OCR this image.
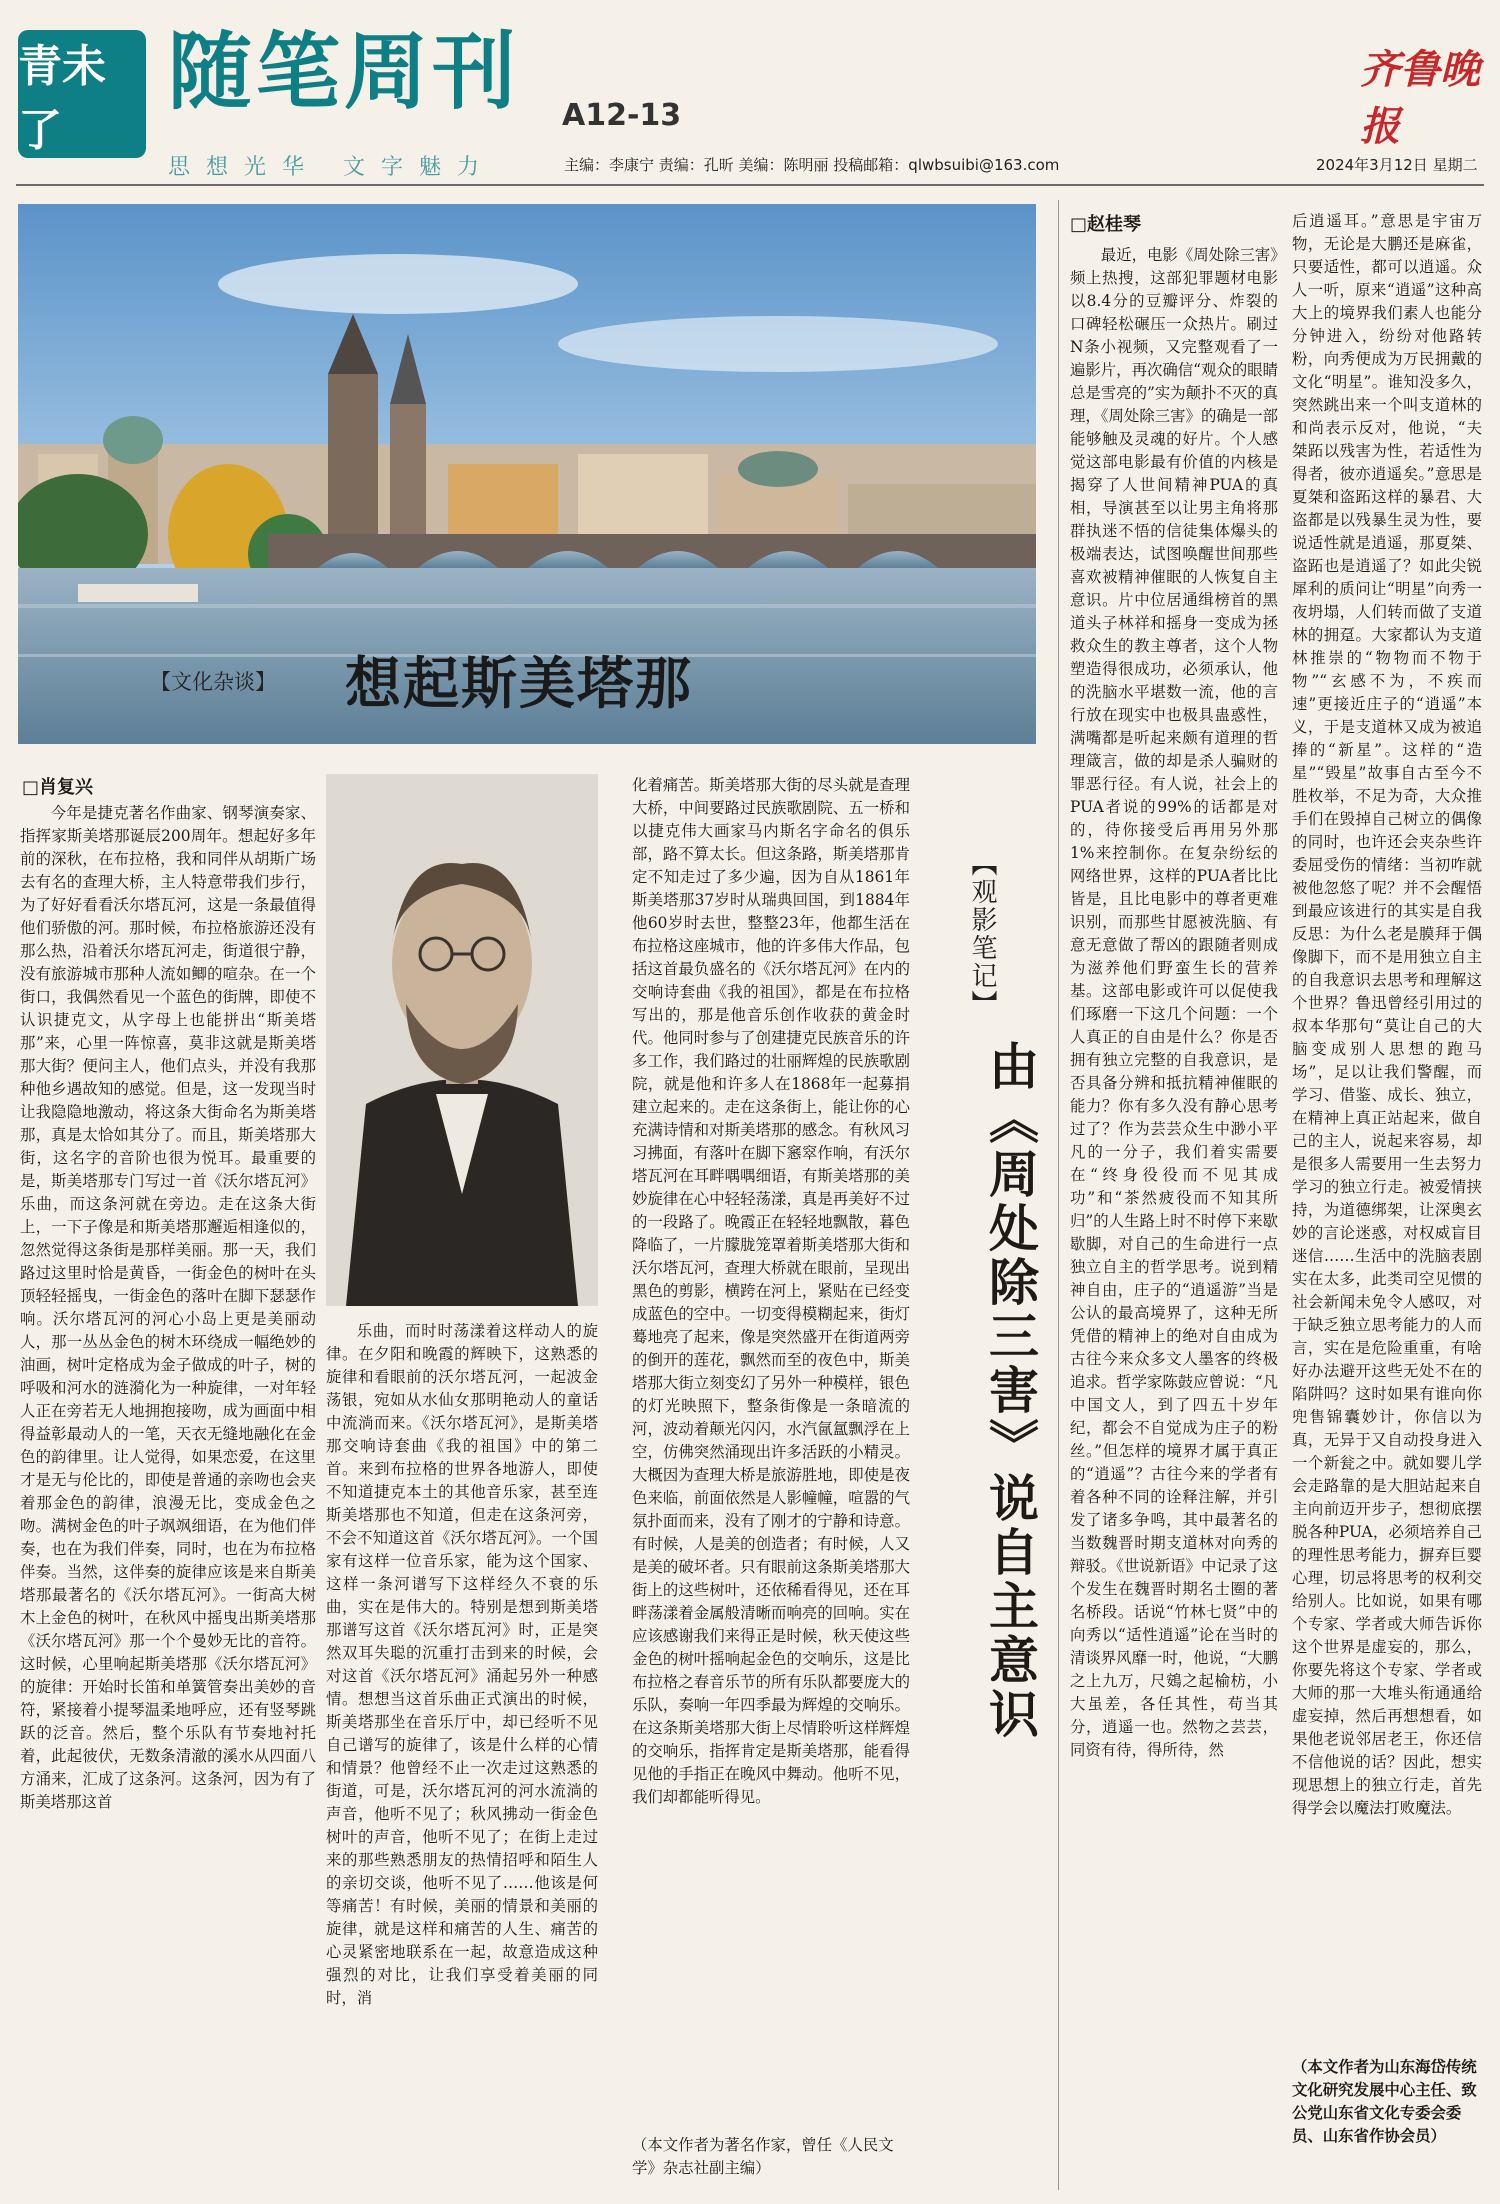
青未了
随笔周刊 A12-13
思想光华 文字魅力	主编：李康宁 责编：孔昕 美编：陈明丽 投稿邮箱：qlwbsuibi@163.com
齐鲁晚报
2024年3月12日 星期二
【文化杂谈】 想起斯美塔那
□肖复兴

今年是捷克著名作曲家、钢琴演奏家、指挥家斯美塔那诞辰200周年。想起好多年前的深秋，在布拉格，我和同伴从胡斯广场去有名的查理大桥，主人特意带我们步行，为了好好看看沃尔塔瓦河，这是一条最值得他们骄傲的河。那时候，布拉格旅游还没有那么热，沿着沃尔塔瓦河走，街道很宁静，没有旅游城市那种人流如鲫的喧杂。在一个街口，我偶然看见一个蓝色的街牌，即使不认识捷克文，从字母上也能拼出“斯美塔那”来，心里一阵惊喜，莫非这就是斯美塔那大街？便问主人，他们点头，并没有我那种他乡遇故知的感觉。但是，这一发现当时让我隐隐地激动，将这条大街命名为斯美塔那，真是太恰如其分了。而且，斯美塔那大街，这名字的音阶也很为悦耳。最重要的是，斯美塔那专门写过一首《沃尔塔瓦河》乐曲，而这条河就在旁边。走在这条大街上，一下子像是和斯美塔那邂逅相逢似的，忽然觉得这条街是那样美丽。那一天，我们路过这里时恰是黄昏，一街金色的树叶在头顶轻轻摇曳，一街金色的落叶在脚下瑟瑟作响。沃尔塔瓦河的河心小岛上更是美丽动人，那一丛丛金色的树木环绕成一幅绝妙的油画，树叶定格成为金子做成的叶子，树的呼吸和河水的涟漪化为一种旋律，一对年轻人正在旁若无人地拥抱接吻，成为画面中相得益彰最动人的一笔，天衣无缝地融化在金色的韵律里。让人觉得，如果恋爱，在这里才是无与伦比的，即使是普通的亲吻也会夹着那金色的韵律，浪漫无比，变成金色之吻。满树金色的叶子飒飒细语，在为他们伴奏，也在为我们伴奏，同时，也在为布拉格伴奏。当然，这伴奏的旋律应该是来自斯美塔那最著名的《沃尔塔瓦河》。一街高大树木上金色的树叶，在秋风中摇曳出斯美塔那《沃尔塔瓦河》那一个个曼妙无比的音符。这时候，心里响起斯美塔那《沃尔塔瓦河》的旋律：开始时长笛和单簧管奏出美妙的音符，紧接着小提琴温柔地呼应，还有竖琴跳跃的泛音。然后，整个乐队有节奏地衬托着，此起彼伏，无数条清澈的溪水从四面八方涌来，汇成了这条河。这条河，因为有了斯美塔那这首

乐曲，而时时荡漾着这样动人的旋律。在夕阳和晚霞的辉映下，这熟悉的旋律和看眼前的沃尔塔瓦河，一起波金荡银，宛如从水仙女那明艳动人的童话中流淌而来。《沃尔塔瓦河》，是斯美塔那交响诗套曲《我的祖国》中的第二首。来到布拉格的世界各地游人，即使不知道捷克本土的其他音乐家，甚至连斯美塔那也不知道，但走在这条河旁，不会不知道这首《沃尔塔瓦河》。一个国家有这样一位音乐家，能为这个国家、这样一条河谱写下这样经久不衰的乐曲，实在是伟大的。特别是想到斯美塔那谱写这首《沃尔塔瓦河》时，正是突然双耳失聪的沉重打击到来的时候，会对这首《沃尔塔瓦河》涌起另外一种感情。想想当这首乐曲正式演出的时候，斯美塔那坐在音乐厅中，却已经听不见自己谱写的旋律了，该是什么样的心情和情景？他曾经不止一次走过这熟悉的街道，可是，沃尔塔瓦河的河水流淌的声音，他听不见了；秋风拂动一街金色树叶的声音，他听不见了；在街上走过来的那些熟悉朋友的热情招呼和陌生人的亲切交谈，他听不见了……他该是何等痛苦！有时候，美丽的情景和美丽的旋律，就是这样和痛苦的人生、痛苦的心灵紧密地联系在一起，故意造成这种强烈的对比，让我们享受着美丽的同时，消

化着痛苦。斯美塔那大街的尽头就是查理大桥，中间要路过民族歌剧院、五一桥和以捷克伟大画家马内斯名字命名的俱乐部，路不算太长。但这条路，斯美塔那肯定不知走过了多少遍，因为自从1861年斯美塔那37岁时从瑞典回国，到1884年他60岁时去世，整整23年，他都生活在布拉格这座城市，他的许多伟大作品，包括这首最负盛名的《沃尔塔瓦河》在内的交响诗套曲《我的祖国》，都是在布拉格写出的，那是他音乐创作收获的黄金时代。他同时参与了创建捷克民族音乐的许多工作，我们路过的壮丽辉煌的民族歌剧院，就是他和许多人在1868年一起募捐建立起来的。走在这条街上，能让你的心充满诗情和对斯美塔那的感念。有秋风习习拂面，有落叶在脚下窸窣作响，有沃尔塔瓦河在耳畔喁喁细语，有斯美塔那的美妙旋律在心中轻轻荡漾，真是再美好不过的一段路了。晚霞正在轻轻地飘散，暮色降临了，一片朦胧笼罩着斯美塔那大街和沃尔塔瓦河，查理大桥就在眼前，呈现出黑色的剪影，横跨在河上，紧贴在已经变成蓝色的空中。一切变得模糊起来，街灯蓦地亮了起来，像是突然盛开在街道两旁的倒开的莲花，飘然而至的夜色中，斯美塔那大街立刻变幻了另外一种模样，银色的灯光映照下，整条街像是一条暗流的河，波动着颠光闪闪，水汽氤氲飘浮在上空，仿佛突然涌现出许多活跃的小精灵。大概因为查理大桥是旅游胜地，即使是夜色来临，前面依然是人影幢幢，喧嚣的气氛扑面而来，没有了刚才的宁静和诗意。有时候，人是美的创造者；有时候，人又是美的破坏者。只有眼前这条斯美塔那大街上的这些树叶，还依稀看得见，还在耳畔荡漾着金属般清晰而响亮的回响。实在应该感谢我们来得正是时候，秋天使这些金色的树叶摇响起金色的交响乐，这是比布拉格之春音乐节的所有乐队都要庞大的乐队，奏响一年四季最为辉煌的交响乐。在这条斯美塔那大街上尽情聆听这样辉煌的交响乐，指挥肯定是斯美塔那，能看得见他的手指正在晚风中舞动。他听不见，我们却都能听得见。

（本文作者为著名作家，曾任《人民文学》杂志社副主编）
【观影笔记】
由《周处除三害》说自主意识
□赵桂琴

最近，电影《周处除三害》频上热搜，这部犯罪题材电影以8.4分的豆瓣评分、炸裂的口碑轻松碾压一众热片。刷过N条小视频，又完整观看了一遍影片，再次确信“观众的眼睛总是雪亮的”实为颠扑不灭的真理，《周处除三害》的确是一部能够触及灵魂的好片。个人感觉这部电影最有价值的内核是揭穿了人世间精神PUA的真相，导演甚至以让男主角将那群执迷不悟的信徒集体爆头的极端表达，试图唤醒世间那些喜欢被精神催眠的人恢复自主意识。片中位居通缉榜首的黑道头子林祥和摇身一变成为拯救众生的教主尊者，这个人物塑造得很成功，必须承认，他的洗脑水平堪数一流，他的言行放在现实中也极具蛊惑性，满嘴都是听起来颇有道理的哲理箴言，做的却是杀人骗财的罪恶行径。有人说，社会上的PUA者说的99%的话都是对的，待你接受后再用另外那1%来控制你。在复杂纷纭的网络世界，这样的PUA者比比皆是，且比电影中的尊者更难识别，而那些甘愿被洗脑、有意无意做了帮凶的跟随者则成为滋养他们野蛮生长的营养基。这部电影或许可以促使我们琢磨一下这几个问题：一个人真正的自由是什么？你是否拥有独立完整的自我意识，是否具备分辨和抵抗精神催眠的能力？你有多久没有静心思考过了？作为芸芸众生中渺小平凡的一分子，我们着实需要在“终身役役而不见其成功”和“茶然疲役而不知其所归”的人生路上时不时停下来歇歇脚，对自己的生命进行一点独立自主的哲学思考。说到精神自由，庄子的“逍遥游”当是公认的最高境界了，这种无所凭借的精神上的绝对自由成为古往今来众多文人墨客的终极追求。哲学家陈鼓应曾说：“凡中国文人，到了四五十岁年纪，都会不自觉成为庄子的粉丝。”但怎样的境界才属于真正的“逍遥”？古往今来的学者有着各种不同的诠释注解，并引发了诸多争鸣，其中最著名的当数魏晋时期支道林对向秀的辩驳。《世说新语》中记录了这个发生在魏晋时期名士圈的著名桥段。话说“竹林七贤”中的向秀以“适性逍遥”论在当时的清谈界风靡一时，他说，“大鹏之上九万，尺鴳之起榆枋，小大虽差，各任其性，苟当其分，逍遥一也。然物之芸芸，同资有待，得所待，然

后逍遥耳。”意思是宇宙万物，无论是大鹏还是麻雀，只要适性，都可以逍遥。众人一听，原来“逍遥”这种高大上的境界我们素人也能分分钟进入，纷纷对他路转粉，向秀便成为万民拥戴的文化“明星”。谁知没多久，突然跳出来一个叫支道林的和尚表示反对，他说，“夫桀跖以残害为性，若适性为得者，彼亦逍遥矣。”意思是夏桀和盗跖这样的暴君、大盗都是以残暴生灵为性，要说适性就是逍遥，那夏桀、盗跖也是逍遥了？如此尖锐犀利的质问让“明星”向秀一夜坍塌，人们转而做了支道林的拥趸。大家都认为支道林推崇的“物物而不物于物”“玄感不为，不疾而速”更接近庄子的“逍遥”本义，于是支道林又成为被追捧的“新星”。这样的“造星”“毁星”故事自古至今不胜枚举，不足为奇，大众推手们在毁掉自己树立的偶像的同时，也许还会夹杂些许委屈受伤的情绪：当初咋就被他忽悠了呢？并不会醒悟到最应该进行的其实是自我反思：为什么老是膜拜于偶像脚下，而不是用独立自主的自我意识去思考和理解这个世界？鲁迅曾经引用过的叔本华那句“莫让自己的大脑变成别人思想的跑马场”，足以让我们警醒，而学习、借鉴、成长、独立，在精神上真正站起来，做自己的主人，说起来容易，却是很多人需要用一生去努力学习的独立行走。被爱情挟持，为道德绑架，让深奥玄妙的言论迷惑，对权威盲目迷信……生活中的洗脑表剧实在太多，此类司空见惯的社会新闻未免令人感叹，对于缺乏独立思考能力的人而言，实在是危险重重，有啥好办法避开这些无处不在的陷阱吗？这时如果有谁向你兜售锦囊妙计，你信以为真，无异于又自动投身进入一个新瓮之中。就如婴儿学会走路靠的是大胆站起来自主向前迈开步子，想彻底摆脱各种PUA，必须培养自己的理性思考能力，摒弃巨婴心理，切忌将思考的权利交给别人。比如说，如果有哪个专家、学者或大师告诉你这个世界是虚妄的，那么，你要先将这个专家、学者或大师的那一大堆头衔通通给虚妄掉，然后再想想看，如果他老说邻居老王，你还信不信他说的话？因此，想实现思想上的独立行走，首先得学会以魔法打败魔法。

（本文作者为山东海岱传统文化研究发展中心主任、致公党山东省文化专委会委员、山东省作协会员）
